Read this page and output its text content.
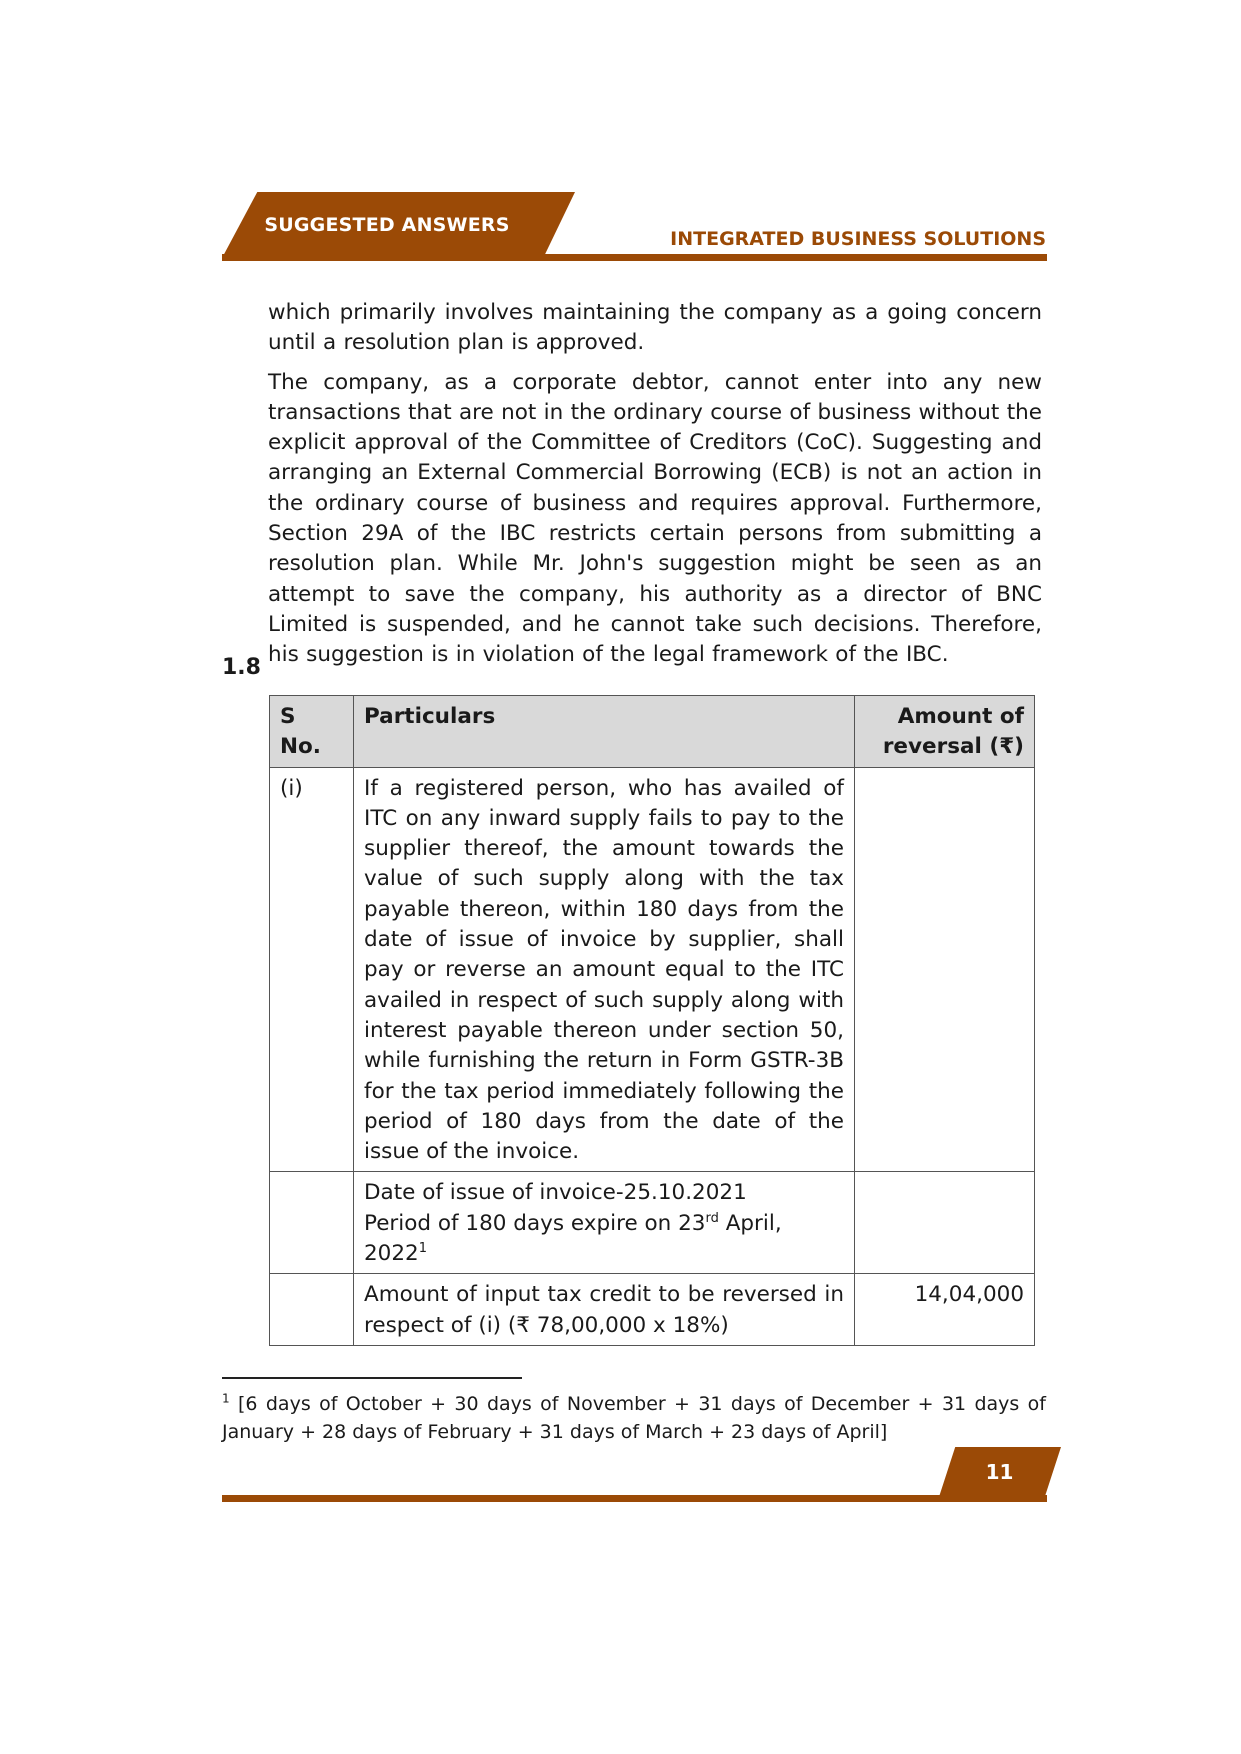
SUGGESTED ANSWERS
INTEGRATED BUSINESS SOLUTIONS

which primarily involves maintaining the company as a going concern until a resolution plan is approved.

The company, as a corporate debtor, cannot enter into any new transactions that are not in the ordinary course of business without the explicit approval of the Committee of Creditors (CoC). Suggesting and arranging an External Commercial Borrowing (ECB) is not an action in the ordinary course of business and requires approval. Furthermore, Section 29A of the IBC restricts certain persons from submitting a resolution plan. While Mr. John's suggestion might be seen as an attempt to save the company, his authority as a director of BNC Limited is suspended, and he cannot take such decisions. Therefore, his suggestion is in violation of the legal framework of the IBC.

1.8
S No.	Particulars	Amount of
reversal (₹)
(i)	If a registered person, who has availed of ITC on any inward supply fails to pay to the supplier thereof, the amount towards the value of such supply along with the tax payable thereon, within 180 days from the date of issue of invoice by supplier, shall pay or reverse an amount equal to the ITC availed in respect of such supply along with interest payable thereon under section 50, while furnishing the return in Form GSTR-3B for the tax period immediately following the period of 180 days from the date of the issue of the invoice.	
	Date of issue of invoice-25.10.2021
Period of 180 days expire on 23rd April, 2022$^1$	
	Amount of input tax credit to be reversed in respect of (i) (₹ 78,00,000 x 18%)	14,04,000
$^1$ [6 days of October + 30 days of November + 31 days of December + 31 days of January + 28 days of February + 31 days of March + 23 days of April]
11
